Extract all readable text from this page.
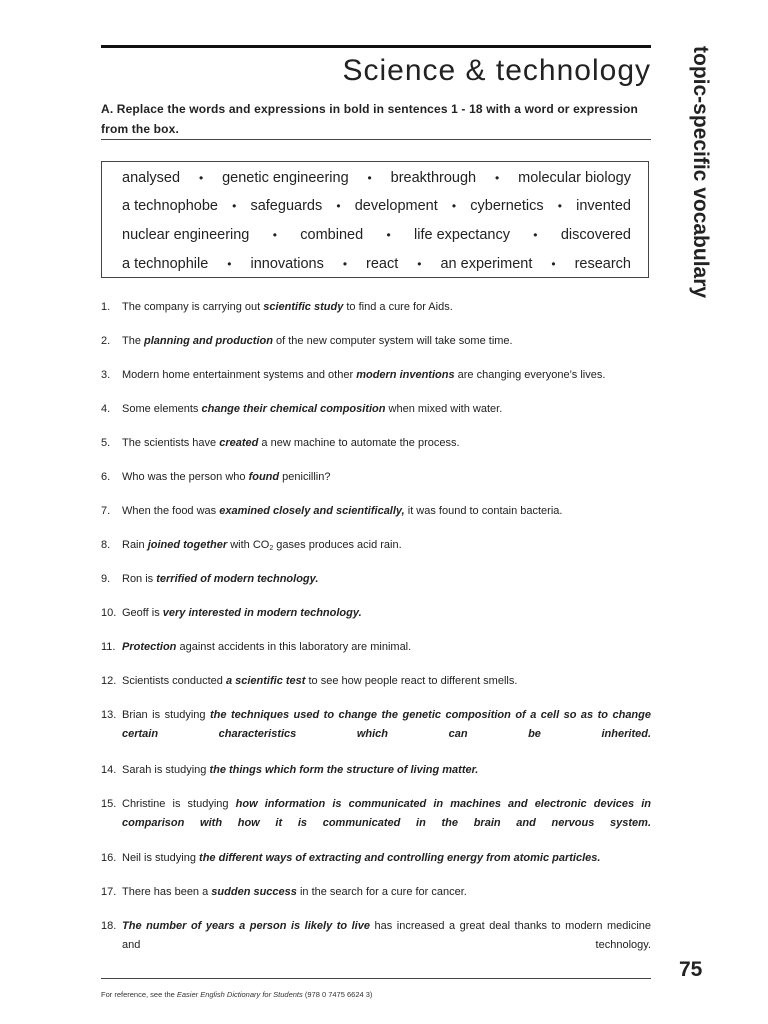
Science & technology	topic-specific vocabulary
A. Replace the words and expressions in bold in sentences 1 - 18 with a word or expression from the box.
analysed • genetic engineering • breakthrough • molecular biology
a technophobe • safeguards • development • cybernetics • invented
nuclear engineering • combined • life expectancy • discovered
a technophile • innovations • react • an experiment • research
1. The company is carrying out scientific study to find a cure for Aids.
2. The planning and production of the new computer system will take some time.
3. Modern home entertainment systems and other modern inventions are changing everyone’s lives.
4. Some elements change their chemical composition when mixed with water.
5. The scientists have created a new machine to automate the process.
6. Who was the person who found penicillin?
7. When the food was examined closely and scientifically, it was found to contain bacteria.
8. Rain joined together with $CO_2$ gases produces acid rain.
9. Ron is terrified of modern technology.
10. Geoff is very interested in modern technology.
11. Protection against accidents in this laboratory are minimal.
12. Scientists conducted a scientific test to see how people react to different smells.
13. Brian is studying the techniques used to change the genetic composition of a cell so as to change
certain characteristics which can be inherited.
14. Sarah is studying the things which form the structure of living matter.
15. Christine is studying how information is communicated in machines and electronic devices in
comparison with how it is communicated in the brain and nervous system.
16. Neil is studying the different ways of extracting and controlling energy from atomic particles.
17. There has been a sudden success in the search for a cure for cancer.
18. The number of years a person is likely to live has increased a great deal thanks to modern medicine
and technology.
75
For reference, see the Easier English Dictionary for Students (978 0 7475 6624 3)
